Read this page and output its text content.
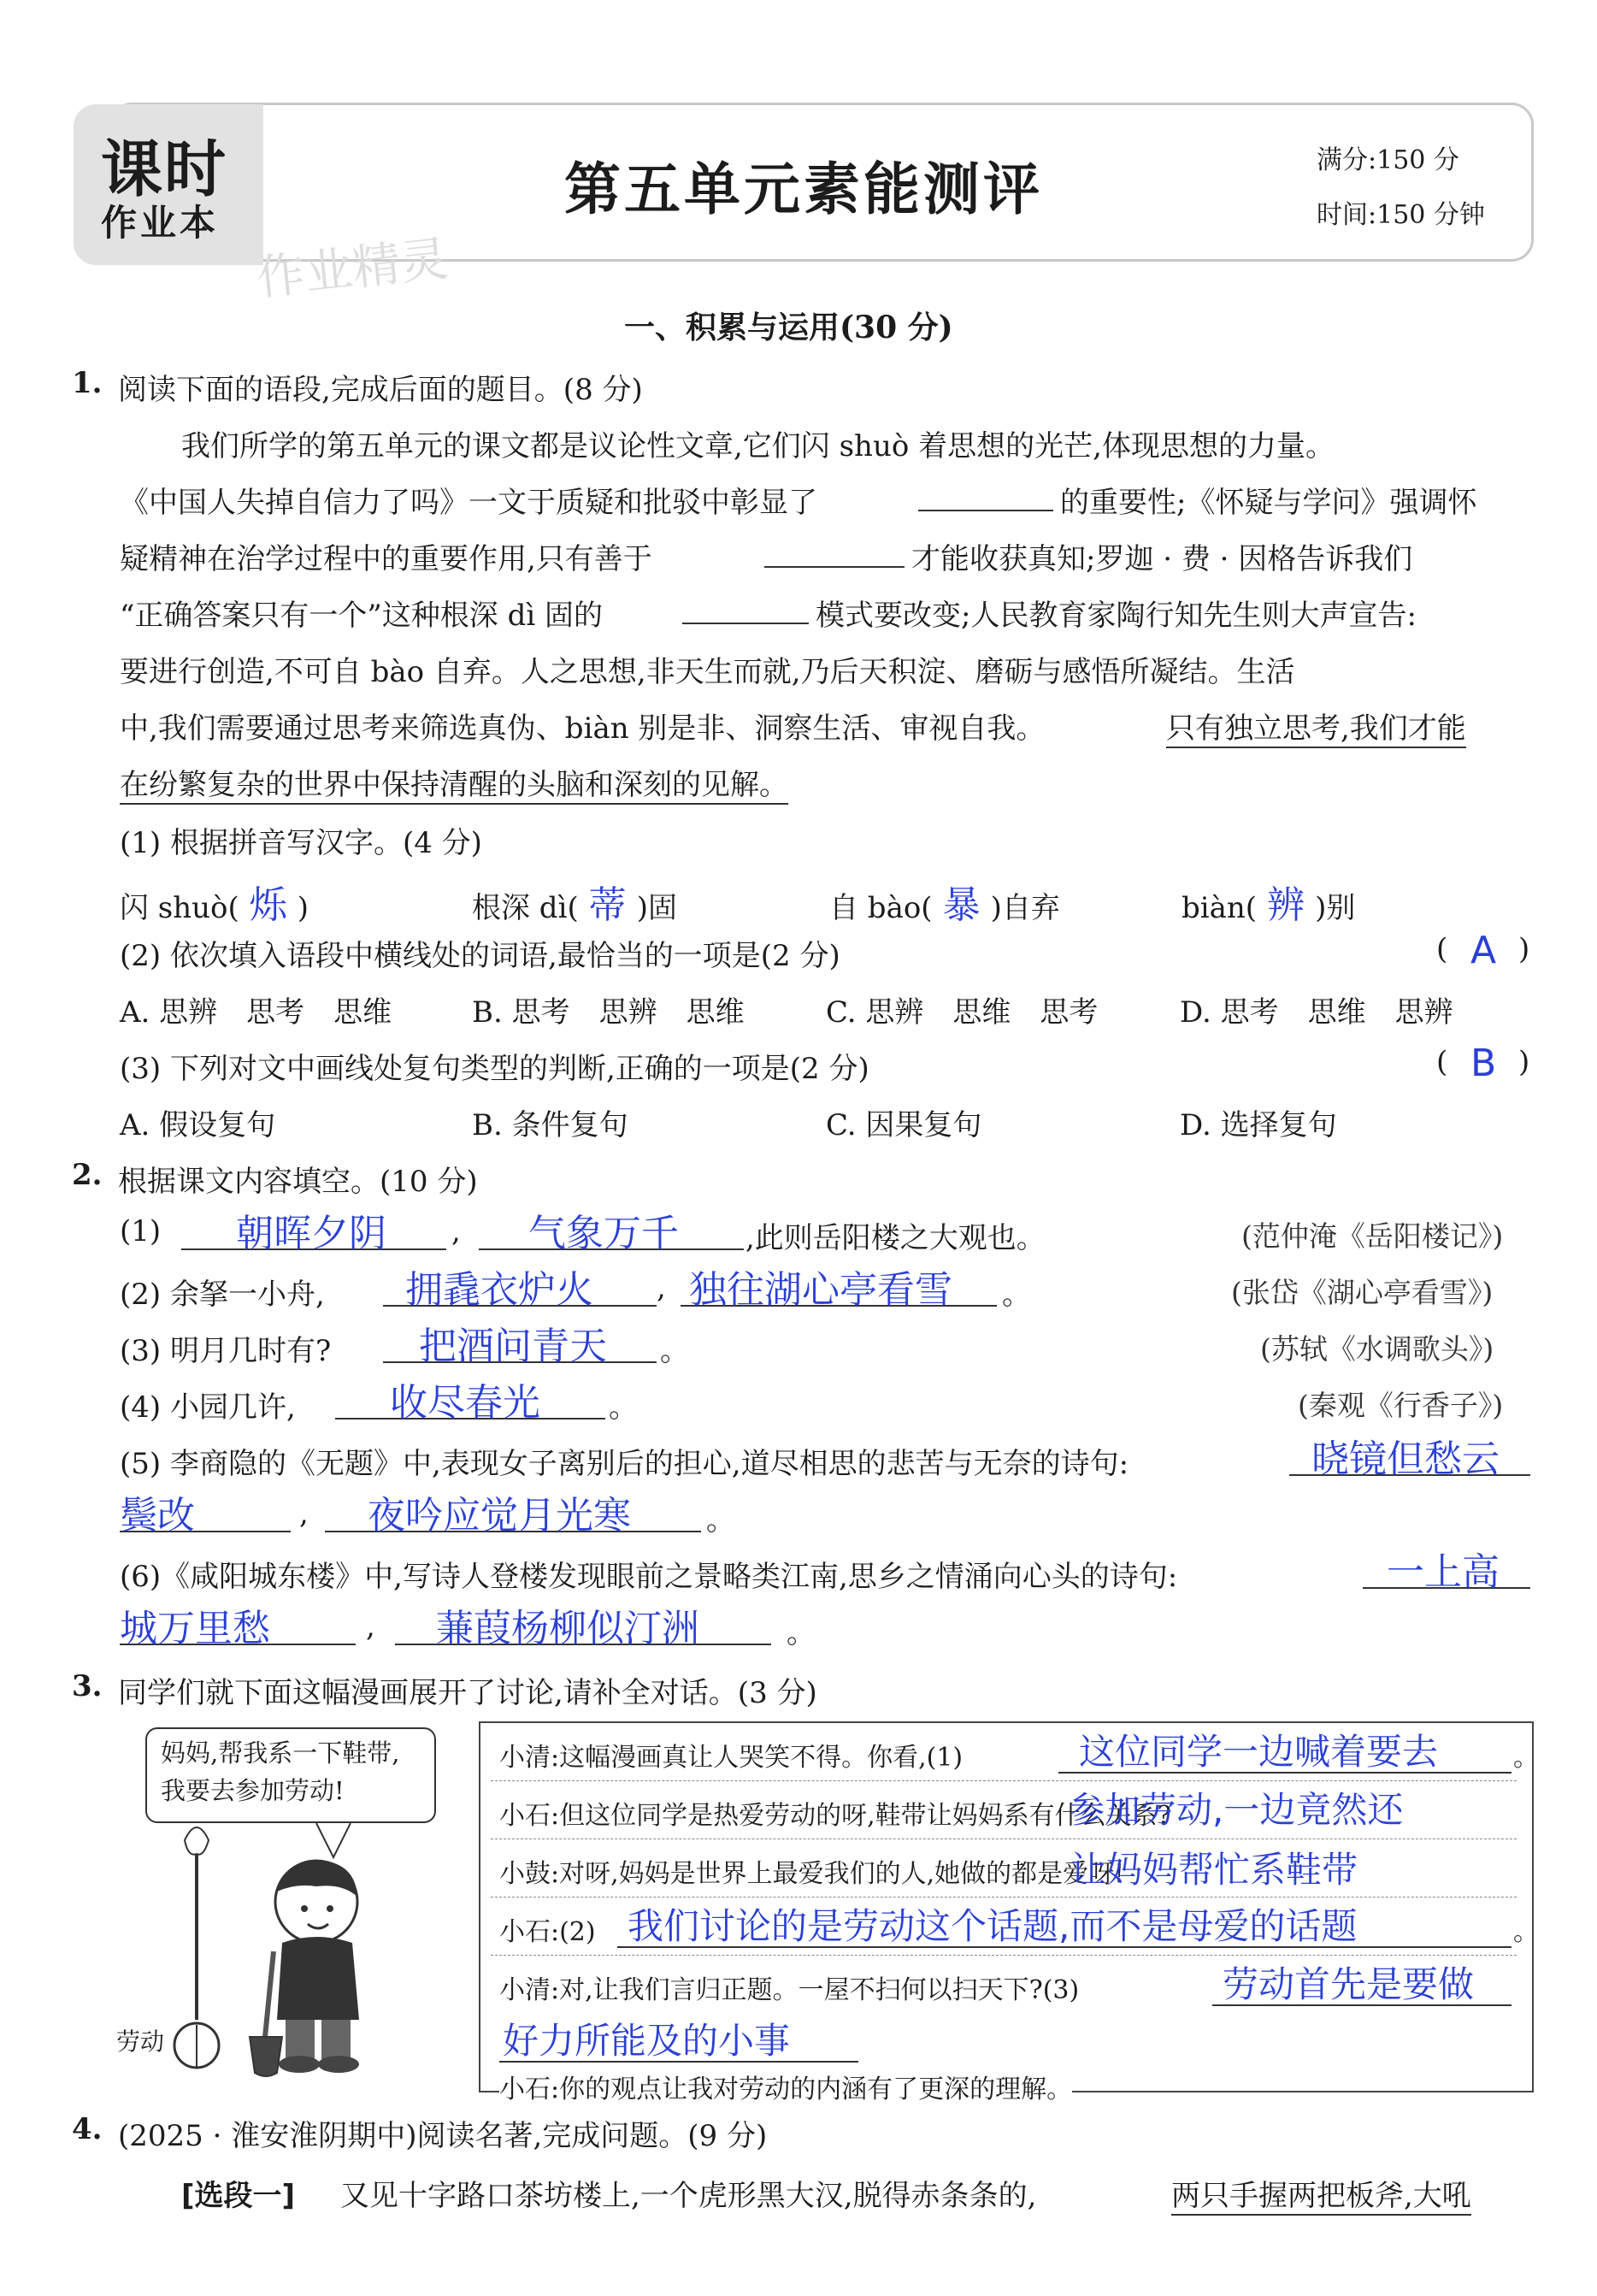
课时
作业本
第五单元素能测评	满分:150 分
时间:150 分钟
作业精灵
一、积累与运用(30 分)
1. 阅读下面的语段,完成后面的题目。(8 分)
我们所学的第五单元的课文都是议论性文章,它们闪 shuò 着思想的光芒,体现思想的力量。
《中国人失掉自信力了吗》一文于质疑和批驳中彰显了	的重要性;《怀疑与学问》强调怀
疑精神在治学过程中的重要作用,只有善于	才能收获真知;罗迦 · 费 · 因格告诉我们
“正确答案只有一个”这种根深 dì 固的	模式要改变;人民教育家陶行知先生则大声宣告:
要进行创造,不可自 bào 自弃。人之思想,非天生而就,乃后天积淀、磨砺与感悟所凝结。生活
中,我们需要通过思考来筛选真伪、biàn 别是非、洞察生活、审视自我。	只有独立思考,我们才能
在纷繁复杂的世界中保持清醒的头脑和深刻的见解。
(1) 根据拼音写汉字。(4 分)
闪 shuò( 烁 )	根深 dì( 蒂 )固	自 bào( 暴 )自弃	biàn( 辨 )别
(2) 依次填入语段中横线处的词语,最恰当的一项是(2 分)	( A )
A. 思辨　思考　思维	B. 思考　思辨　思维	C. 思辨　思维　思考	D. 思考　思维　思辨
(3) 下列对文中画线处复句类型的判断,正确的一项是(2 分)	( B )
A. 假设复句	B. 条件复句	C. 因果复句	D. 选择复句
2. 根据课文内容填空。(10 分)
(1) 朝晖夕阴 , 气象万千 ,此则岳阳楼之大观也。	(范仲淹《岳阳楼记》)
(2) 余拏一小舟, 拥毳衣炉火 , 独往湖心亭看雪 。	(张岱《湖心亭看雪》)
(3) 明月几时有? 把酒问青天 。	(苏轼《水调歌头》)
(4) 小园几许,	收尽春光 。	(秦观《行香子》)
(5) 李商隐的《无题》中,表现女子离别后的担心,道尽相思的悲苦与无奈的诗句:	晓镜但愁云
鬓改	, 夜吟应觉月光寒	。
(6)《咸阳城东楼》中,写诗人登楼发现眼前之景略类江南,思乡之情涌向心头的诗句:	一上高
城万里愁	, 蒹葭杨柳似汀洲	。
3. 同学们就下面这幅漫画展开了讨论,请补全对话。(3 分)
妈妈,帮我系一下鞋带,
我要去参加劳动!
劳动
小清:这幅漫画真让人哭笑不得。你看,(1)	这位同学一边喊着要去	。
小石:但这位同学是热爱劳动的呀,鞋带让妈妈系有什么关系?
参加劳动,一边竟然还
小鼓:对呀,妈妈是世界上最爱我们的人,她做的都是爱呀!
让妈妈帮忙系鞋带
小石:(2) 我们讨论的是劳动这个话题,而不是母爱的话题	。
小清:对,让我们言归正题。一屋不扫何以扫天下?(3)	劳动首先是要做
好力所能及的小事
小石:你的观点让我对劳动的内涵有了更深的理解。
4. (2025 · 淮安淮阴期中)阅读名著,完成问题。(9 分)
[选段一] 又见十字路口茶坊楼上,一个虎形黑大汉,脱得赤条条的,	两只手握两把板斧,大吼
